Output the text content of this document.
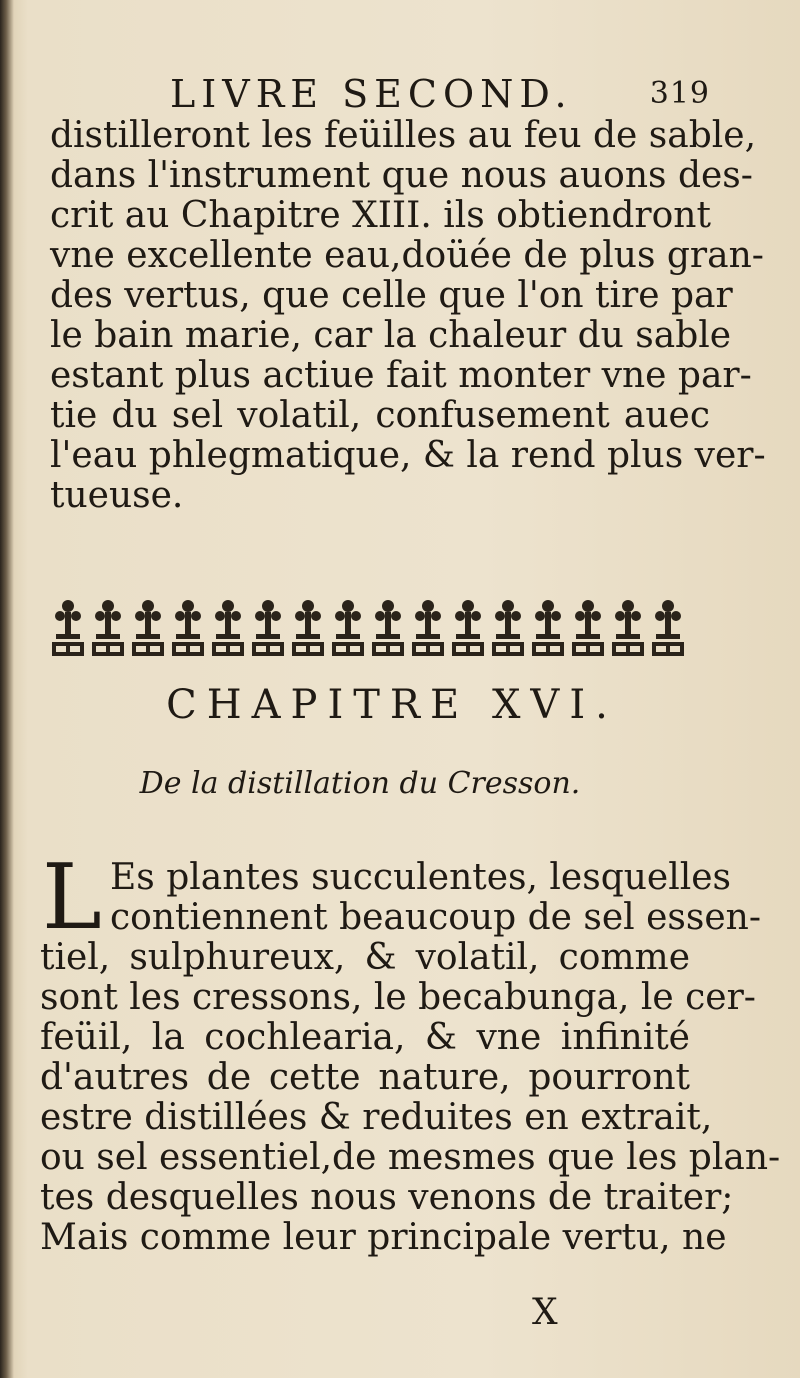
LIVRE SECOND.	319
distilleront les feüilles au feu de sable,
dans l'instrument que nous auons des-
crit au Chapitre XIII. ils obtiendront
vne excellente eau,doüée de plus gran-
des vertus, que celle que l'on tire par
le bain marie, car la chaleur du sable
estant plus actiue fait monter vne par-
tie du sel volatil, confusement auec
l'eau phlegmatique, & la rend plus ver-
tueuse.
CHAPITRE XVI.
De la distillation du Cresson.
L Es plantes succulentes, lesquelles
contiennent beaucoup de sel essen-
tiel, sulphureux, & volatil, comme
sont les cressons, le becabunga, le cer-
feüil, la cochlearia, & vne infinité
d'autres de cette nature, pourront
estre distillées & reduites en extrait,
ou sel essentiel,de mesmes que les plan-
tes desquelles nous venons de traiter;
Mais comme leur principale vertu, ne
X
